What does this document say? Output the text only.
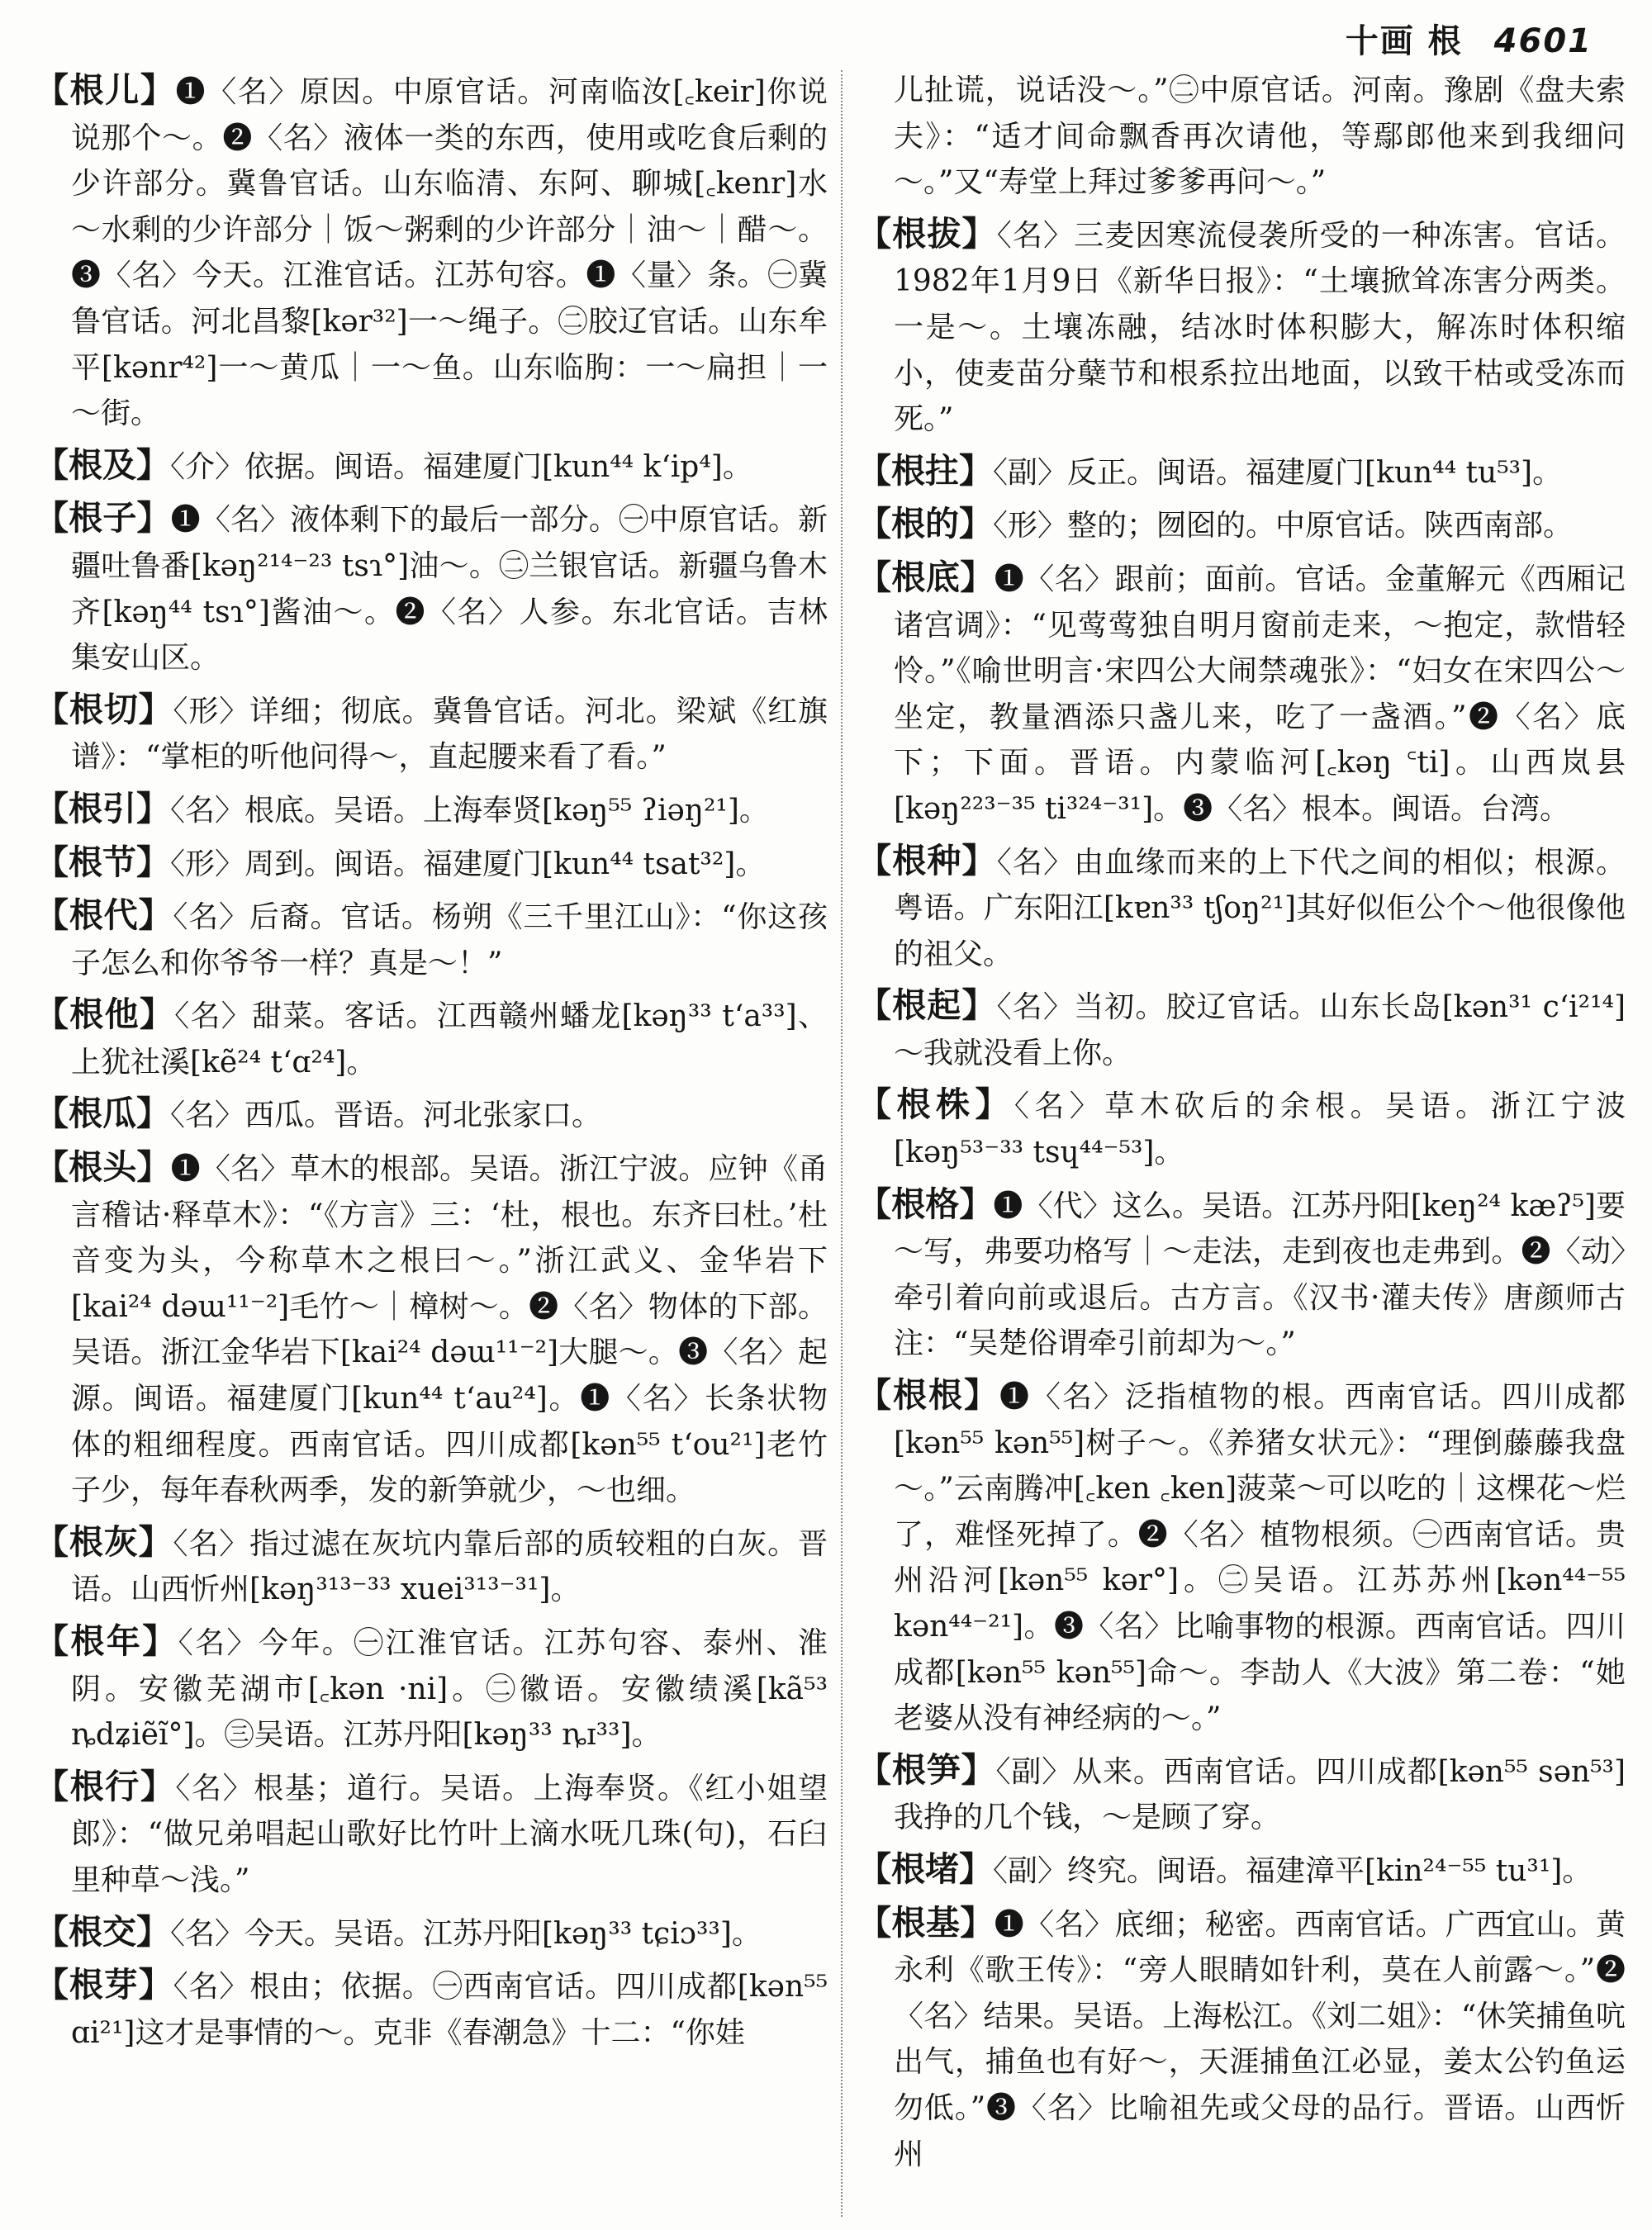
十画 根 4601

【 根儿 】 ❶〈名〉原因。中原官话。河南临汝[꜀keir]你说说那个～。❷〈名〉液体一类的东西，使用或吃食后剩的少许部分。冀鲁官话。山东临清、东阿、聊城[꜀kenr]水～水剩的少许部分｜饭～粥剩的少许部分｜油～｜醋～。❸〈名〉今天。江淮官话。江苏句容。❶〈量〉条。㊀冀鲁官话。河北昌黎[kər³²]一～绳子。㊁胶辽官话。山东牟平[kənr⁴²]一～黄瓜｜一～鱼。山东临朐：一～扁担｜一～街。

【 根及 】 〈介〉依据。闽语。福建厦门[kun⁴⁴ kʻip⁴]。

【 根子 】 ❶〈名〉液体剩下的最后一部分。㊀中原官话。新疆吐鲁番[kəŋ²¹⁴⁻²³ tsɿ°]油～。㊁兰银官话。新疆乌鲁木齐[kəŋ⁴⁴ tsɿ°]酱油～。❷〈名〉人参。东北官话。吉林集安山区。

【 根切 】 〈形〉详细；彻底。冀鲁官话。河北。梁斌《红旗谱》：“掌柜的听他问得～，直起腰来看了看。”

【 根引 】 〈名〉根底。吴语。上海奉贤[kəŋ⁵⁵ ʔiəŋ²¹]。

【 根节 】 〈形〉周到。闽语。福建厦门[kun⁴⁴ tsat³²]。

【 根代 】 〈名〉后裔。官话。杨朔《三千里江山》：“你这孩子怎么和你爷爷一样？真是～！”

【 根他 】 〈名〉甜菜。客话。江西赣州蟠龙[kəŋ³³ tʻa³³]、上犹社溪[kẽ²⁴ tʻɑ²⁴]。

【 根瓜 】 〈名〉西瓜。晋语。河北张家口。

【 根头 】 ❶〈名〉草木的根部。吴语。浙江宁波。应钟《甬言稽诂·释草木》：“《方言》三：‘杜，根也。东齐曰杜。’杜音变为头，今称草木之根曰～。”浙江武义、金华岩下[kai²⁴ dəɯ¹¹⁻²]毛竹～｜樟树～。❷〈名〉物体的下部。吴语。浙江金华岩下[kai²⁴ dəɯ¹¹⁻²]大腿～。❸〈名〉起源。闽语。福建厦门[kun⁴⁴ tʻau²⁴]。❶〈名〉长条状物体的粗细程度。西南官话。四川成都[kən⁵⁵ tʻou²¹]老竹子少，每年春秋两季，发的新笋就少，～也细。

【 根灰 】 〈名〉指过滤在灰坑内靠后部的质较粗的白灰。晋语。山西忻州[kəŋ³¹³⁻³³ xuei³¹³⁻³¹]。

【 根年 】 〈名〉今年。㊀江淮官话。江苏句容、泰州、淮阴。安徽芜湖市[꜀kən ·ni]。㊁徽语。安徽绩溪[kã⁵³ ȵdʑiẽĩ°]。㊂吴语。江苏丹阳[kəŋ³³ ȵɪ³³]。

【 根行 】 〈名〉根基；道行。吴语。上海奉贤。《红小姐望郎》：“做兄弟唱起山歌好比竹叶上滴水呒几珠(句)，石臼里种草～浅。”

【 根交 】 〈名〉今天。吴语。江苏丹阳[kəŋ³³ tɕiɔ³³]。

【 根芽 】 〈名〉根由；依据。㊀西南官话。四川成都[kən⁵⁵ ɑi²¹]这才是事情的～。克非《春潮急》十二：“你娃

儿扯谎，说话没～。”㊁中原官话。河南。豫剧《盘夫索夫》：“适才间命飘香再次请他，等鄢郎他来到我细问～。”又“寿堂上拜过爹爹再问～。”

【 根拔 】 〈名〉三麦因寒流侵袭所受的一种冻害。官话。1982年1月9日《新华日报》：“土壤掀耸冻害分两类。一是～。土壤冻融，结冰时体积膨大，解冻时体积缩小，使麦苗分蘖节和根系拉出地面，以致干枯或受冻而死。”

【 根拄 】 〈副〉反正。闽语。福建厦门[kun⁴⁴ tu⁵³]。

【 根的 】 〈形〉整的；囫囵的。中原官话。陕西南部。

【 根底 】 ❶〈名〉跟前；面前。官话。金董解元《西厢记诸宫调》：“见莺莺独自明月窗前走来，～抱定，款惜轻怜。”《喻世明言·宋四公大闹禁魂张》：“妇女在宋四公～坐定，教量酒添只盏儿来，吃了一盏酒。”❷〈名〉底下；下面。晋语。内蒙临河[꜀kəŋ ꜂ti]。山西岚县[kəŋ²²³⁻³⁵ ti³²⁴⁻³¹]。❸〈名〉根本。闽语。台湾。

【 根种 】 〈名〉由血缘而来的上下代之间的相似；根源。粤语。广东阳江[kɐn³³ tʃoŋ²¹]其好似佢公个～他很像他的祖父。

【 根起 】 〈名〉当初。胶辽官话。山东长岛[kən³¹ cʻi²¹⁴]～我就没看上你。

【 根株 】 〈名〉草木砍后的余根。吴语。浙江宁波[kəŋ⁵³⁻³³ tsɥ⁴⁴⁻⁵³]。

【 根格 】 ❶〈代〉这么。吴语。江苏丹阳[keŋ²⁴ kæʔ⁵]要～写，弗要功格写｜～走法，走到夜也走弗到。❷〈动〉牵引着向前或退后。古方言。《汉书·灌夫传》唐颜师古注：“吴楚俗谓牵引前却为～。”

【 根根 】 ❶〈名〉泛指植物的根。西南官话。四川成都[kən⁵⁵ kən⁵⁵]树子～。《养猪女状元》：“理倒藤藤我盘～。”云南腾冲[꜀ken ꜀ken]菠菜～可以吃的｜这棵花～烂了，难怪死掉了。❷〈名〉植物根须。㊀西南官话。贵州沿河[kən⁵⁵ kər°]。㊁吴语。江苏苏州[kən⁴⁴⁻⁵⁵ kən⁴⁴⁻²¹]。❸〈名〉比喻事物的根源。西南官话。四川成都[kən⁵⁵ kən⁵⁵]命～。李劼人《大波》第二卷：“她老婆从没有神经病的～。”

【 根笋 】 〈副〉从来。西南官话。四川成都[kən⁵⁵ sən⁵³]我挣的几个钱，～是顾了穿。

【 根堵 】 〈副〉终究。闽语。福建漳平[kin²⁴⁻⁵⁵ tu³¹]。

【 根基 】 ❶〈名〉底细；秘密。西南官话。广西宜山。黄永利《歌王传》：“旁人眼睛如针利，莫在人前露～。”❷〈名〉结果。吴语。上海松江。《刘二姐》：“休笑捕鱼吭出气，捕鱼也有好～，天涯捕鱼江必显，姜太公钓鱼运勿低。”❸〈名〉比喻祖先或父母的品行。晋语。山西忻州
